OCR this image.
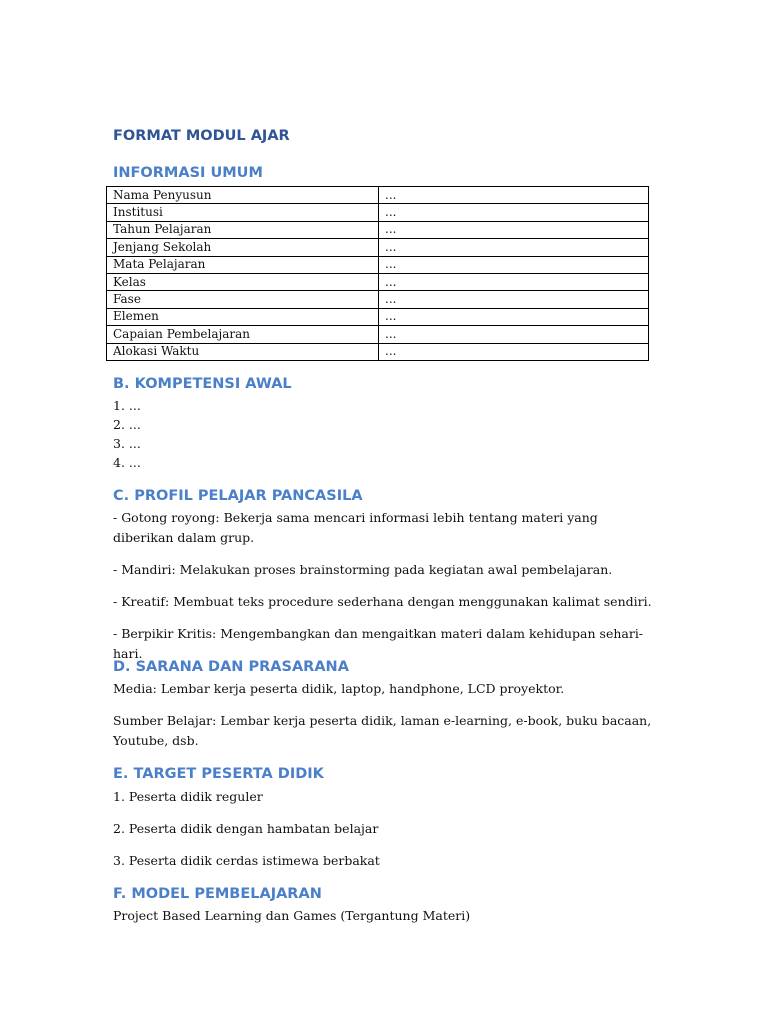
FORMAT MODUL AJAR
INFORMASI UMUM
Nama Penyusun	...
Institusi	...
Tahun Pelajaran	...
Jenjang Sekolah	...
Mata Pelajaran	...
Kelas	...
Fase	...
Elemen	...
Capaian Pembelajaran	...
Alokasi Waktu	...
B. KOMPETENSI AWAL

1. ...

2. ...

3. ...

4. ...

C. PROFIL PELAJAR PANCASILA

- Gotong royong: Bekerja sama mencari informasi lebih tentang materi yang diberikan dalam grup.

- Mandiri: Melakukan proses brainstorming pada kegiatan awal pembelajaran.

- Kreatif: Membuat teks procedure sederhana dengan menggunakan kalimat sendiri.

- Berpikir Kritis: Mengembangkan dan mengaitkan materi dalam kehidupan sehari-hari.

D. SARANA DAN PRASARANA

Media: Lembar kerja peserta didik, laptop, handphone, LCD proyektor.

Sumber Belajar: Lembar kerja peserta didik, laman e-learning, e-book, buku bacaan, Youtube, dsb.

E. TARGET PESERTA DIDIK

1. Peserta didik reguler

2. Peserta didik dengan hambatan belajar

3. Peserta didik cerdas istimewa berbakat

F. MODEL PEMBELAJARAN

Project Based Learning dan Games (Tergantung Materi)
